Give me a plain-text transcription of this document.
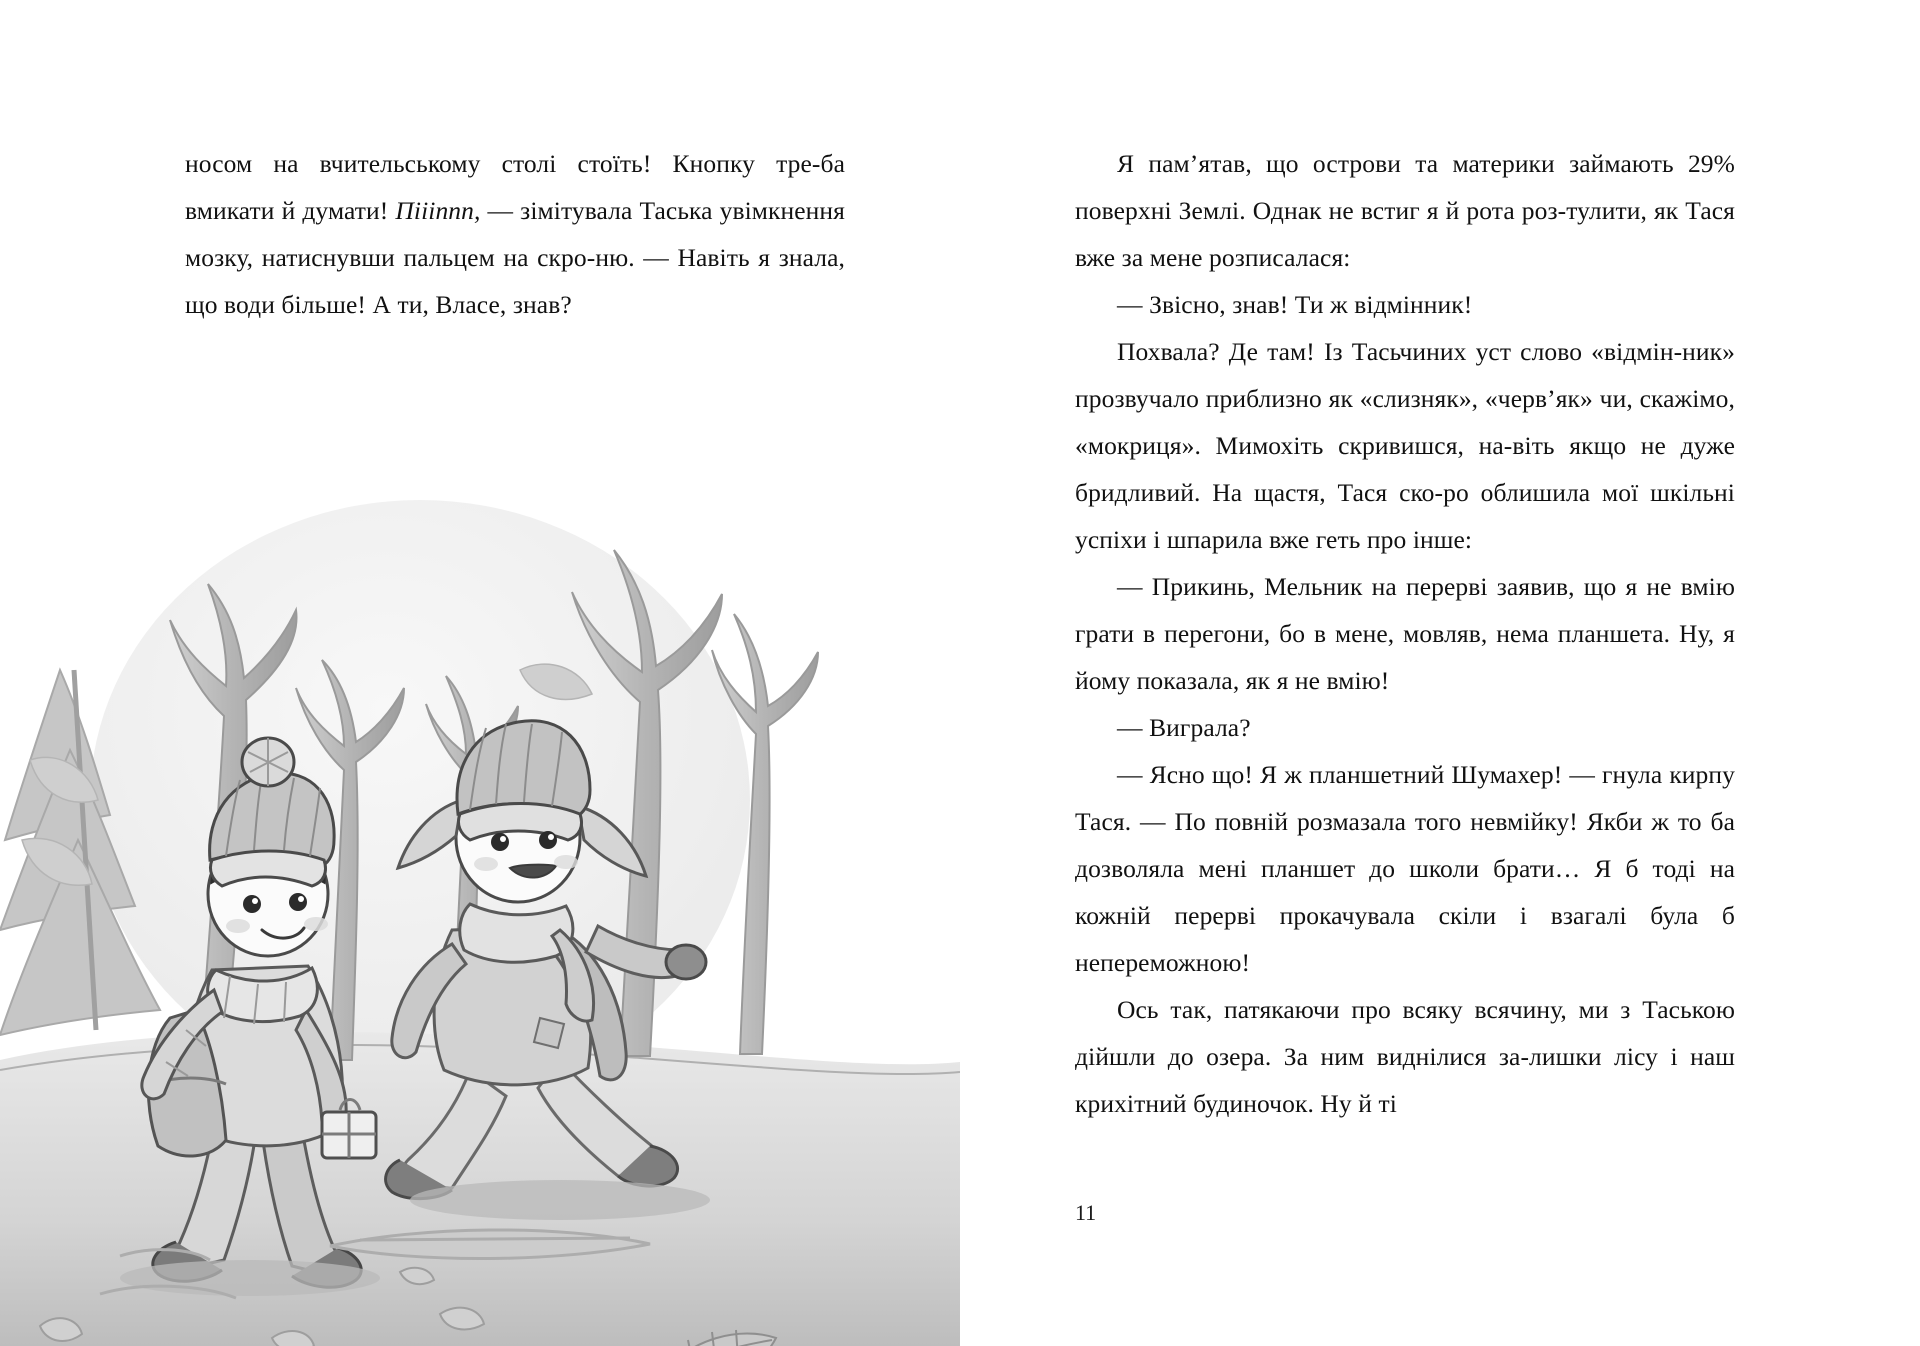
носом на вчительському столі стоїть! Кнопку тре-ба вмикати й думати! Піііппп, — зімітувала Таська увімкнення мозку, натиснувши пальцем на скро-ню. — Навіть я знала, що води більше! А ти, Власе, знав?

Я пам’ятав, що острови та материки займають 29% поверхні Землі. Однак не встиг я й рота роз-тулити, як Тася вже за мене розписалася:

— Звісно, знав! Ти ж відмінник!

Похвала? Де там! Із Тасьчиних уст слово «відмін-ник» прозвучало приблизно як «слизняк», «черв’як» чи, скажімо, «мокриця». Мимохіть скривишся, на-віть якщо не дуже бридливий. На щастя, Тася ско-ро облишила мої шкільні успіхи і шпарила вже геть про інше:

— Прикинь, Мельник на перерві заявив, що я не вмію грати в перегони, бо в мене, мовляв, нема планшета. Ну, я йому показала, як я не вмію!

— Виграла?

— Ясно що! Я ж планшетний Шумахер! — гнула кирпу Тася. — По повній розмазала того невмійку! Якби ж то ба дозволяла мені планшет до школи брати… Я б тоді на кожній перерві прокачувала скіли і взагалі була б непереможною!

Ось так, патякаючи про всяку всячину, ми з Таською дійшли до озера. За ним виднілися за-лишки лісу і наш крихітний будиночок. Ну й ті

11
